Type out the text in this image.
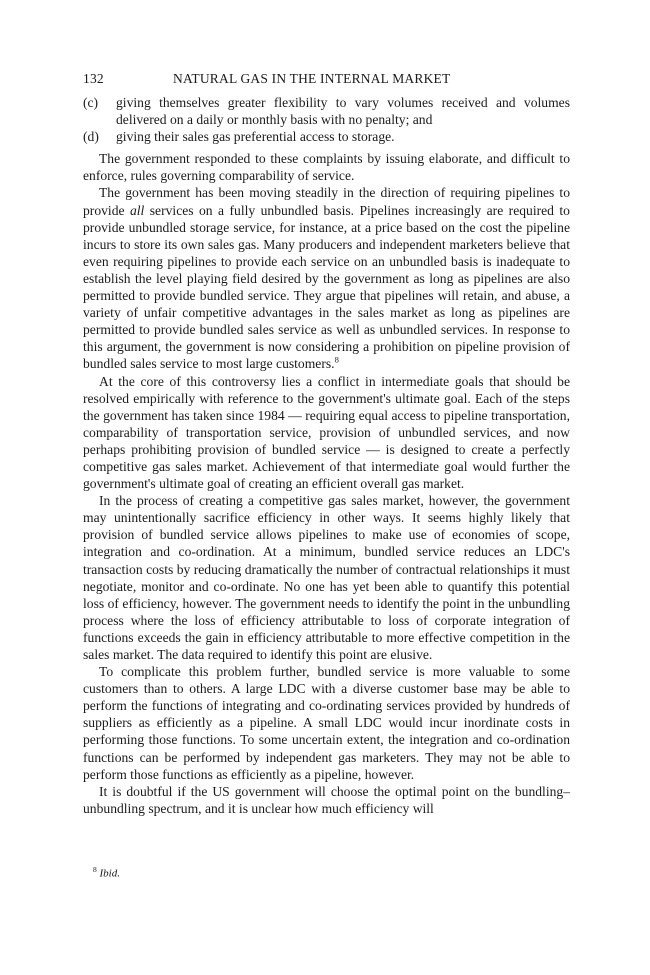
132	NATURAL GAS IN THE INTERNAL MARKET
(c)	giving themselves greater flexibility to vary volumes received and volumes delivered on a daily or monthly basis with no penalty; and
(d)	giving their sales gas preferential access to storage.

The government responded to these complaints by issuing elaborate, and difficult to enforce, rules governing comparability of service.

The government has been moving steadily in the direction of requiring pipelines to provide all services on a fully unbundled basis. Pipelines increasingly are required to provide unbundled storage service, for instance, at a price based on the cost the pipeline incurs to store its own sales gas. Many producers and independent marketers believe that even requiring pipelines to provide each service on an unbundled basis is inadequate to establish the level playing field desired by the government as long as pipelines are also permitted to provide bundled service. They argue that pipelines will retain, and abuse, a variety of unfair competitive advantages in the sales market as long as pipelines are permitted to provide bundled sales service as well as unbundled services. In response to this argument, the government is now considering a prohibition on pipeline provision of bundled sales service to most large customers.$^8$

At the core of this controversy lies a conflict in intermediate goals that should be resolved empirically with reference to the government's ultimate goal. Each of the steps the government has taken since 1984 — requiring equal access to pipeline transportation, comparability of transportation service, provision of unbundled services, and now perhaps prohibiting provision of bundled service — is designed to create a perfectly competitive gas sales market. Achievement of that intermediate goal would further the government's ultimate goal of creating an efficient overall gas market.

In the process of creating a competitive gas sales market, however, the government may unintentionally sacrifice efficiency in other ways. It seems highly likely that provision of bundled service allows pipelines to make use of economies of scope, integration and co-ordination. At a minimum, bundled service reduces an LDC's transaction costs by reducing dramatically the number of contractual relationships it must negotiate, monitor and co-ordinate. No one has yet been able to quantify this potential loss of efficiency, however. The government needs to identify the point in the unbundling process where the loss of efficiency attributable to loss of corporate integration of functions exceeds the gain in efficiency attributable to more effective competition in the sales market. The data required to identify this point are elusive.

To complicate this problem further, bundled service is more valuable to some customers than to others. A large LDC with a diverse customer base may be able to perform the functions of integrating and co-ordinating services provided by hundreds of suppliers as efficiently as a pipeline. A small LDC would incur inordinate costs in performing those functions. To some uncertain extent, the integration and co-ordination functions can be performed by independent gas marketers. They may not be able to perform those functions as efficiently as a pipeline, however.

It is doubtful if the US government will choose the optimal point on the bundling–unbundling spectrum, and it is unclear how much efficiency will

$^8$ Ibid.
